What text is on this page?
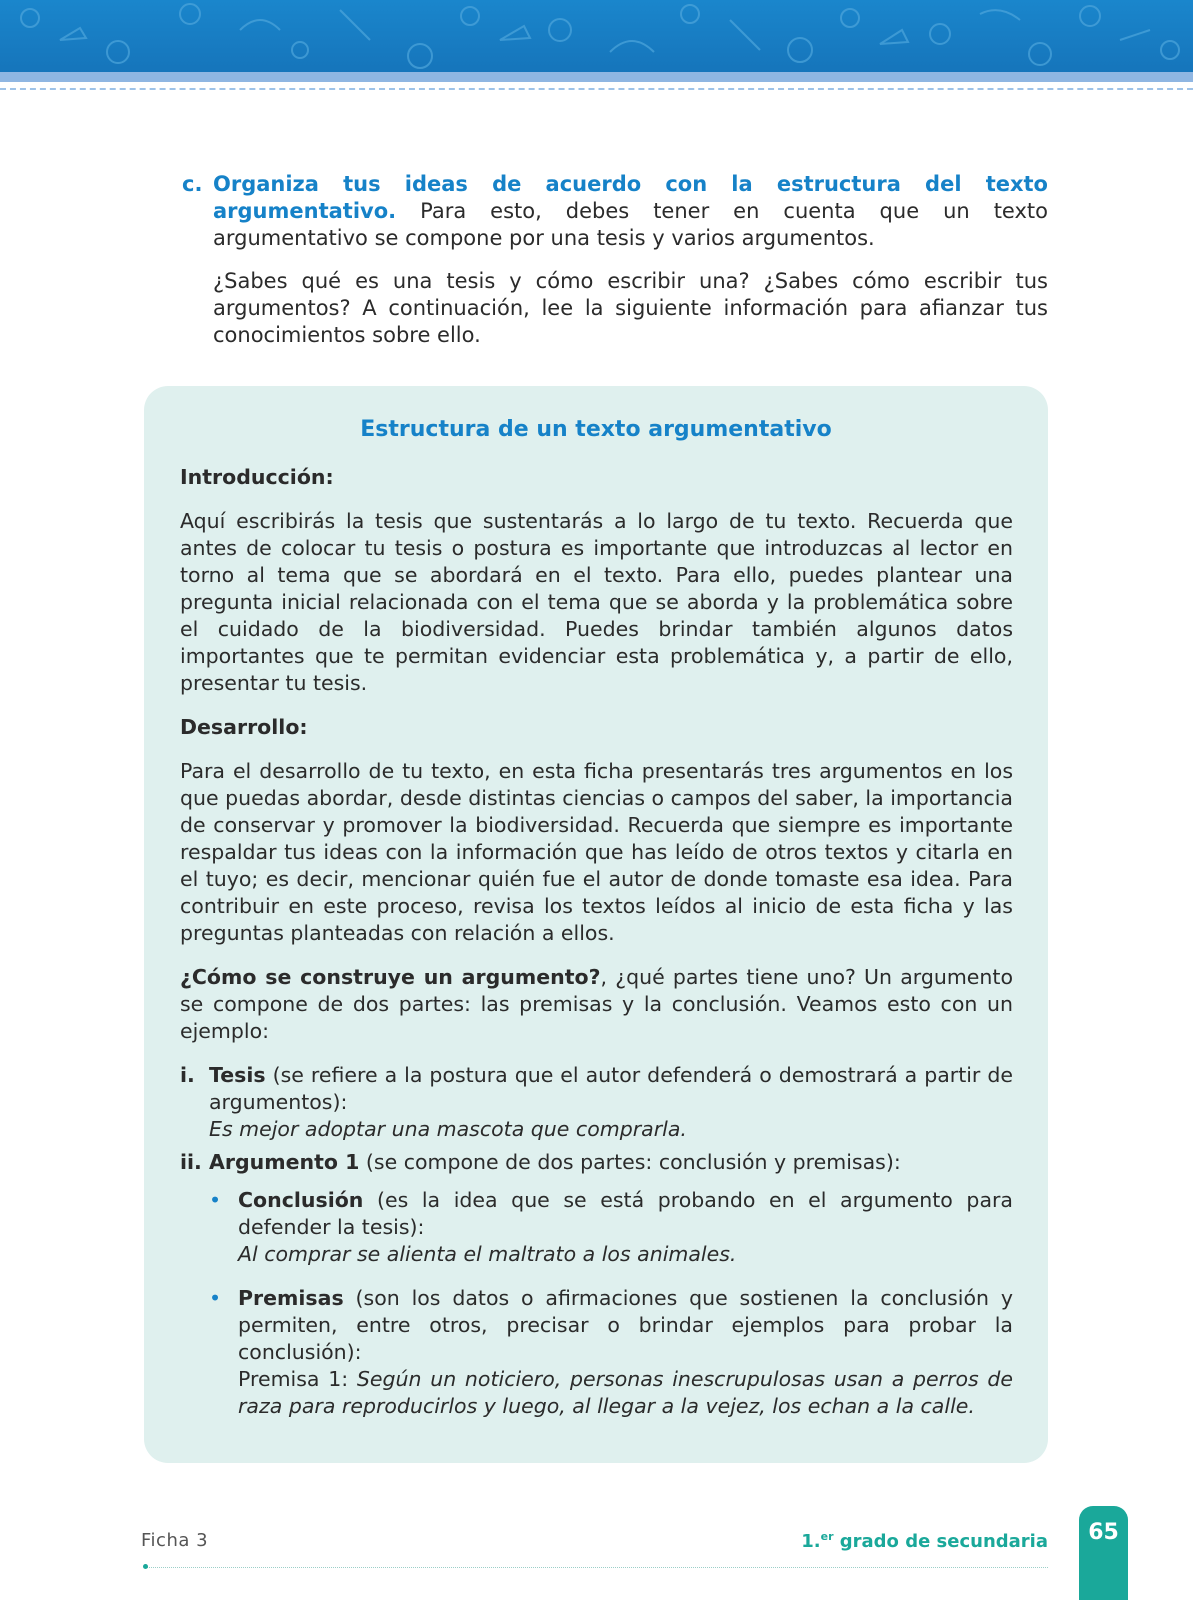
c. Organiza tus ideas de acuerdo con la estructura del texto argumentativo. Para esto, debes tener en cuenta que un texto argumentativo se compone por una tesis y varios argumentos.

¿Sabes qué es una tesis y cómo escribir una? ¿Sabes cómo escribir tus argumentos? A continuación, lee la siguiente información para afianzar tus conocimientos sobre ello.

Estructura de un texto argumentativo

Introducción:

Aquí escribirás la tesis que sustentarás a lo largo de tu texto. Recuerda que antes de colocar tu tesis o postura es importante que introduzcas al lector en torno al tema que se abordará en el texto. Para ello, puedes plantear una pregunta inicial relacionada con el tema que se aborda y la problemática sobre el cuidado de la biodiversidad. Puedes brindar también algunos datos importantes que te permitan evidenciar esta problemática y, a partir de ello, presentar tu tesis.

Desarrollo:

Para el desarrollo de tu texto, en esta ficha presentarás tres argumentos en los que puedas abordar, desde distintas ciencias o campos del saber, la importancia de conservar y promover la biodiversidad. Recuerda que siempre es importante respaldar tus ideas con la información que has leído de otros textos y citarla en el tuyo; es decir, mencionar quién fue el autor de donde tomaste esa idea. Para contribuir en este proceso, revisa los textos leídos al inicio de esta ficha y las preguntas planteadas con relación a ellos.

¿Cómo se construye un argumento?, ¿qué partes tiene uno? Un argumento se compone de dos partes: las premisas y la conclusión. Veamos esto con un ejemplo:

i. Tesis (se refiere a la postura que el autor defenderá o demostrará a partir de argumentos):

Es mejor adoptar una mascota que comprarla.

ii. Argumento 1 (se compone de dos partes: conclusión y premisas):
• Conclusión (es la idea que se está probando en el argumento para defender la tesis):

Al comprar se alienta el maltrato a los animales.

• Premisas (son los datos o afirmaciones que sostienen la conclusión y permiten, entre otros, precisar o brindar ejemplos para probar la conclusión):

Premisa 1: Según un noticiero, personas inescrupulosas usan a perros de raza para reproducirlos y luego, al llegar a la vejez, los echan a la calle.

Ficha 3	1.$^{er}$ grado de secundaria	65
